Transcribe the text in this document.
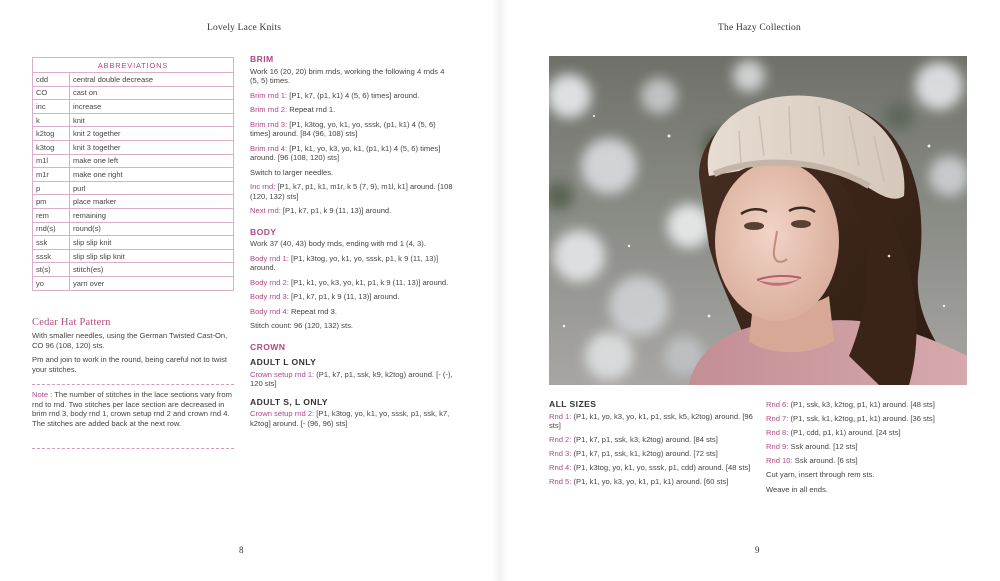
Lovely Lace Knits
ABBREVIATIONS	
cdd	central double decrease
CO	cast on
inc	increase
k	knit
k2tog	knit 2 together
k3tog	knit 3 together
m1l	make one left
m1r	make one right
p	purl
pm	place marker
rem	remaining
rnd(s)	round(s)
ssk	slip slip knit
sssk	slip slip slip knit
st(s)	stitch(es)
yo	yarn over
Cedar Hat Pattern

With smaller needles, using the German Twisted Cast-On, CO 96 (108, 120) sts.

Pm and join to work in the round, being careful not to twist your stitches.

Note : The number of stitches in the lace sections vary from rnd to rnd. Two stitches per lace section are decreased in brim rnd 3, body rnd 1, crown setup rnd 2 and crown rnd 4. The stitches are added back at the next row.

BRIM
Work 16 (20, 20) brim rnds, working the following 4 rnds 4 (5, 5) times.
Brim rnd 1: [P1, k7, (p1, k1) 4 (5, 6) times] around.
Brim rnd 2: Repeat rnd 1.
Brim rnd 3: [P1, k3tog, yo, k1, yo, sssk, (p1, k1) 4 (5, 6) times] around. [84 (96, 108) sts]
Brim rnd 4: [P1, k1, yo, k3, yo, k1, (p1, k1) 4 (5, 6) times] around. [96 (108, 120) sts]
Switch to larger needles.
Inc rnd: [P1, k7, p1, k1, m1r, k 5 (7, 9), m1l, k1] around. [108 (120, 132) sts]
Next rnd: [P1, k7, p1, k 9 (11, 13)] around.
BODY
Work 37 (40, 43) body rnds, ending with rnd 1 (4, 3).
Body rnd 1: [P1, k3tog, yo, k1, yo, sssk, p1, k 9 (11, 13)] around.
Body rnd 2: [P1, k1, yo, k3, yo, k1, p1, k 9 (11, 13)] around.
Body rnd 3: [P1, k7, p1, k 9 (11, 13)] around.
Body rnd 4: Repeat rnd 3.
Stitch count: 96 (120, 132) sts.
CROWN
ADULT L ONLY
Crown setup rnd 1: (P1, k7, p1, ssk, k9, k2tog) around. [- (-), 120 sts]
ADULT S, L ONLY
Crown setup rnd 2: [P1, k3tog, yo, k1, yo, sssk, p1, ssk, k7, k2tog] around. [- (96, 96) sts]
8
The Hazy Collection
9
ALL SIZES
Rnd 1: (P1, k1, yo, k3, yo, k1, p1, ssk, k5, k2tog) around. [96 sts]
Rnd 2: (P1, k7, p1, ssk, k3, k2tog) around. [84 sts]
Rnd 3: (P1, k7, p1, ssk, k1, k2tog) around. [72 sts]
Rnd 4: (P1, k3tog, yo, k1, yo, sssk, p1, cdd) around. [48 sts]
Rnd 5: (P1, k1, yo, k3, yo, k1, p1, k1) around. [60 sts]
Rnd 6: (P1, ssk, k3, k2tog, p1, k1) around. [48 sts]
Rnd 7: (P1, ssk, k1, k2tog, p1, k1) around. [36 sts]
Rnd 8: (P1, cdd, p1, k1) around. [24 sts]
Rnd 9: Ssk around. [12 sts]
Rnd 10: Ssk around. [6 sts]
Cut yarn, insert through rem sts.
Weave in all ends.
